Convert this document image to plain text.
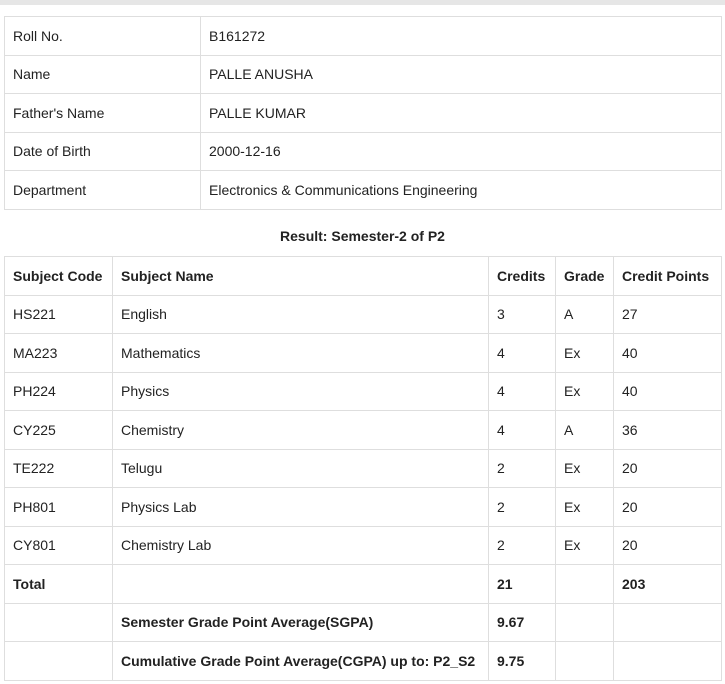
Roll No.	B161272
Name	PALLE ANUSHA
Father's Name	PALLE KUMAR
Date of Birth	2000-12-16
Department	Electronics & Communications Engineering
Result: Semester-2 of P2
Subject Code	Subject Name	Credits	Grade	Credit Points
HS221	English	3	A	27
MA223	Mathematics	4	Ex	40
PH224	Physics	4	Ex	40
CY225	Chemistry	4	A	36
TE222	Telugu	2	Ex	20
PH801	Physics Lab	2	Ex	20
CY801	Chemistry Lab	2	Ex	20
Total		21		203
	Semester Grade Point Average(SGPA)	9.67		
	Cumulative Grade Point Average(CGPA) up to: P2_S2	9.75		
